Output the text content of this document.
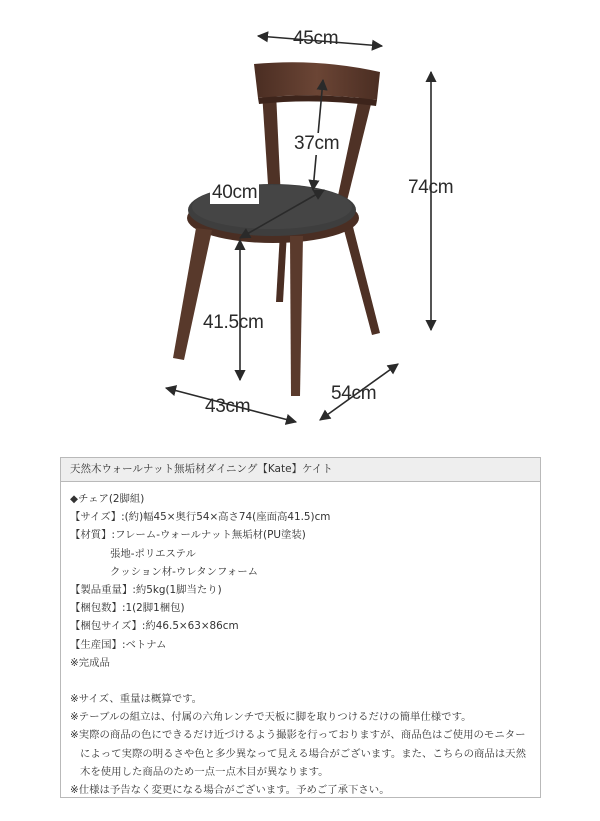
45cm
37cm
74cm
40cm
41.5cm
43cm
54cm
天然木ウォールナット無垢材ダイニング【Kate】ケイト
◆チェア(2脚組)
【サイズ】:(約)幅45×奥行54×高さ74(座面高41.5)cm
【材質】:フレーム-ウォールナット無垢材(PU塗装)
張地-ポリエステル
クッション材-ウレタンフォーム
【製品重量】:約5kg(1脚当たり)
【梱包数】:1(2脚1梱包)
【梱包サイズ】:約46.5×63×86cm
【生産国】:ベトナム
※完成品
※サイズ、重量は概算です。
※テーブルの組立は、付属の六角レンチで天板に脚を取りつけるだけの簡単仕様です。
※実際の商品の色にできるだけ近づけるよう撮影を行っておりますが、商品色はご使用のモニター
によって実際の明るさや色と多少異なって見える場合がございます。また、こちらの商品は天然
木を使用した商品のため一点一点木目が異なります。
※仕様は予告なく変更になる場合がございます。予めご了承下さい。
